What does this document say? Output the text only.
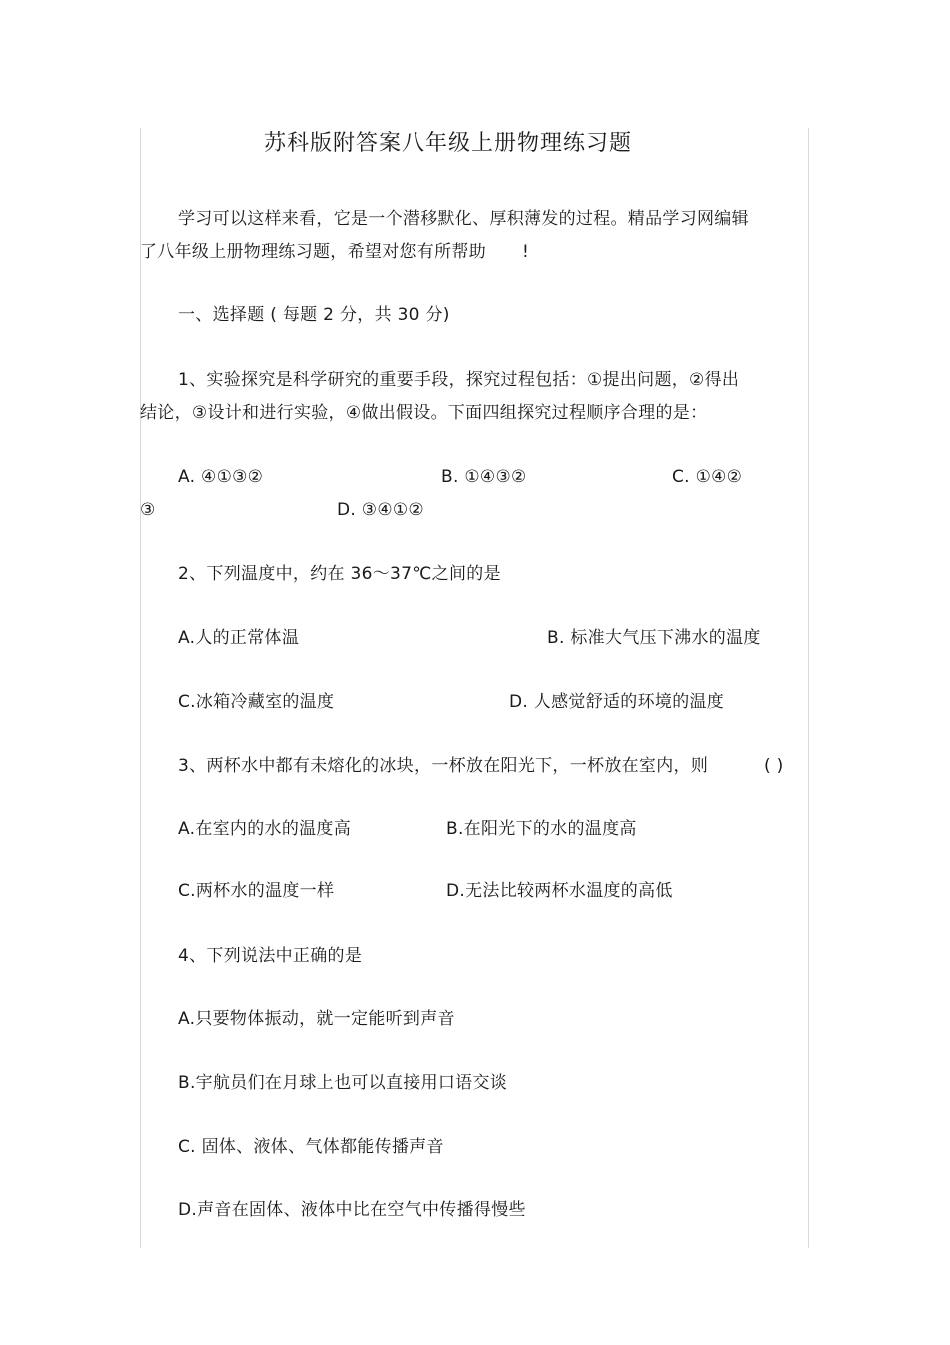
苏科版附答案八年级上册物理练习题
学习可以这样来看，它是一个潜移默化、厚积薄发的过程。精品学习网编辑
了八年级上册物理练习题，希望对您有所帮助 !
一、选择题 ( 每题 2 分，共 30 分)
1、实验探究是科学研究的重要手段，探究过程包括：①提出问题，②得出
结论，③设计和进行实验，④做出假设。下面四组探究过程顺序合理的是：
A. ④①③②	B. ①④③②	C. ①④②
③	D. ③④①②
2、下列温度中，约在 36～37℃之间的是
A.人的正常体温	B. 标准大气压下沸水的温度
C.冰箱冷藏室的温度	D. 人感觉舒适的环境的温度
3、两杯水中都有未熔化的冰块，一杯放在阳光下，一杯放在室内，则	( )
A.在室内的水的温度高	B.在阳光下的水的温度高
C.两杯水的温度一样	D.无法比较两杯水温度的高低
4、下列说法中正确的是
A.只要物体振动，就一定能听到声音
B.宇航员们在月球上也可以直接用口语交谈
C. 固体、液体、气体都能传播声音
D.声音在固体、液体中比在空气中传播得慢些
